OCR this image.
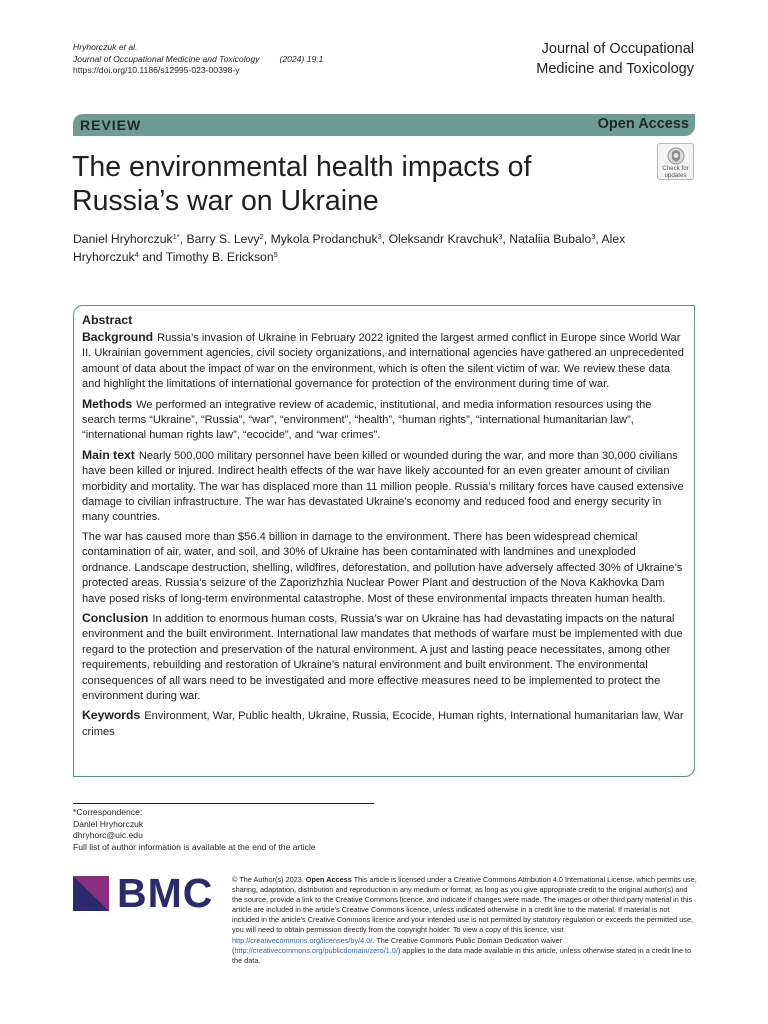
Hryhorczuk et al.
Journal of Occupational Medicine and Toxicology (2024) 19:1
https://doi.org/10.1186/s12995-023-00398-y
Journal of Occupational
Medicine and Toxicology
REVIEW	Open Access
The environmental health impacts of Russia’s war on Ukraine
Check for
updates
Daniel Hryhorczuk$^{1*}$, Barry S. Levy$^2$, Mykola Prodanchuk$^3$, Oleksandr Kravchuk$^3$, Nataliia Bubalo$^3$, Alex Hryhorczuk$^4$ and Timothy B. Erickson$^5$
Abstract

Background Russia’s invasion of Ukraine in February 2022 ignited the largest armed conflict in Europe since World War II. Ukrainian government agencies, civil society organizations, and international agencies have gathered an unprecedented amount of data about the impact of war on the environment, which is often the silent victim of war. We review these data and highlight the limitations of international governance for protection of the environment during time of war.

Methods We performed an integrative review of academic, institutional, and media information resources using the search terms “Ukraine”, “Russia”, “war”, “environment”, “health”, “human rights”, “international humanitarian law”, “international human rights law”, “ecocide”, and “war crimes”.

Main text Nearly 500,000 military personnel have been killed or wounded during the war, and more than 30,000 civilians have been killed or injured. Indirect health effects of the war have likely accounted for an even greater amount of civilian morbidity and mortality. The war has displaced more than 11 million people. Russia’s military forces have caused extensive damage to civilian infrastructure. The war has devastated Ukraine’s economy and reduced food and energy security in many countries.

The war has caused more than $56.4 billion in damage to the environment. There has been widespread chemical contamination of air, water, and soil, and 30% of Ukraine has been contaminated with landmines and unexploded ordnance. Landscape destruction, shelling, wildfires, deforestation, and pollution have adversely affected 30% of Ukraine’s protected areas. Russia’s seizure of the Zaporizhzhia Nuclear Power Plant and destruction of the Nova Kakhovka Dam have posed risks of long-term environmental catastrophe. Most of these environmental impacts threaten human health.

Conclusion In addition to enormous human costs, Russia’s war on Ukraine has had devastating impacts on the natural environment and the built environment. International law mandates that methods of warfare must be implemented with due regard to the protection and preservation of the natural environment. A just and lasting peace necessitates, among other requirements, rebuilding and restoration of Ukraine’s natural environment and built environment. The environmental consequences of all wars need to be investigated and more effective measures need to be implemented to protect the environment during war.

Keywords Environment, War, Public health, Ukraine, Russia, Ecocide, Human rights, International humanitarian law, War crimes

*Correspondence:
Daniel Hryhorczuk
dhryhorc@uic.edu
Full list of author information is available at the end of the article
BMC	© The Author(s) 2023. Open Access This article is licensed under a Creative Commons Attribution 4.0 International License, which permits use, sharing, adaptation, distribution and reproduction in any medium or format, as long as you give appropriate credit to the original author(s) and the source, provide a link to the Creative Commons licence, and indicate if changes were made. The images or other third party material in this article are included in the article’s Creative Commons licence, unless indicated otherwise in a credit line to the material. If material is not included in the article’s Creative Commons licence and your intended use is not permitted by statutory regulation or exceeds the permitted use, you will need to obtain permission directly from the copyright holder. To view a copy of this licence, visit http://creativecommons.org/licenses/by/4.0/. The Creative Commons Public Domain Dedication waiver (http://creativecommons.org/publicdomain/zero/1.0/) applies to the data made available in this article, unless otherwise stated in a credit line to the data.
